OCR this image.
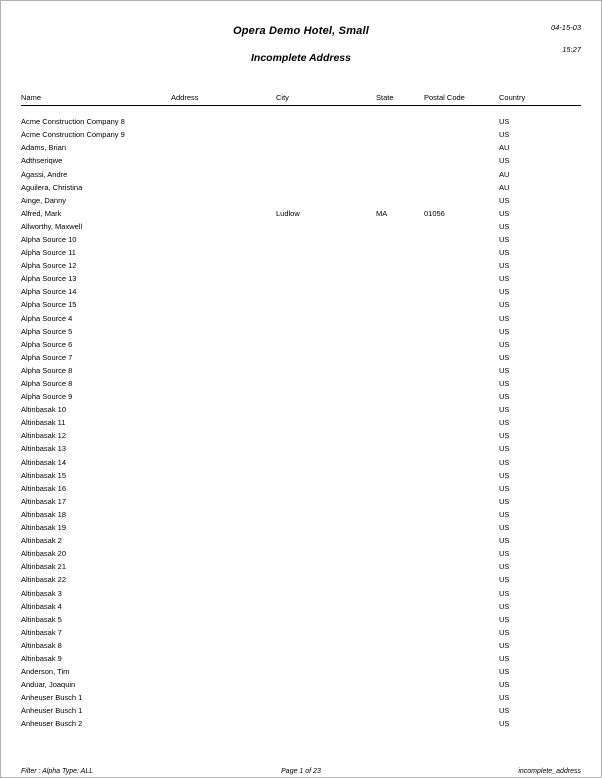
Opera Demo Hotel, Small
Incomplete Address
04-15-03
15:27
Name	Address	City	State	Postal Code	Country

Acme Construction Company 8					US
Acme Construction Company 9					US
Adams, Brian					AU
Adthseriqwe					US
Agassi, Andre					AU
Aguilera, Christina					AU
Ainge, Danny					US
Alfred, Mark		Ludlow	MA	01056	US
Allworthy, Maxwell					US
Alpha Source 10					US
Alpha Source 11					US
Alpha Source 12					US
Alpha Source 13					US
Alpha Source 14					US
Alpha Source 15					US
Alpha Source 4					US
Alpha Source 5					US
Alpha Source 6					US
Alpha Source 7					US
Alpha Source 8					US
Alpha Source 8					US
Alpha Source 9					US
Altinbasak 10					US
Altinbasak 11					US
Altinbasak 12					US
Altinbasak 13					US
Altinbasak 14					US
Altinbasak 15					US
Altinbasak 16					US
Altinbasak 17					US
Altinbasak 18					US
Altinbasak 19					US
Altinbasak 2					US
Altinbasak 20					US
Altinbasak 21					US
Altinbasak 22					US
Altinbasak 3					US
Altinbasak 4					US
Altinbasak 5					US
Altinbasak 7					US
Altinbasak 8					US
Altinbasak 9					US
Anderson, Tim					US
Anduar, Joaquin					US
Anheuser Busch 1					US
Anheuser Busch 1					US
Anheuser Busch 2					US
Filter : Alpha Type: ALL	Page 1 of 23	incomplete_address
